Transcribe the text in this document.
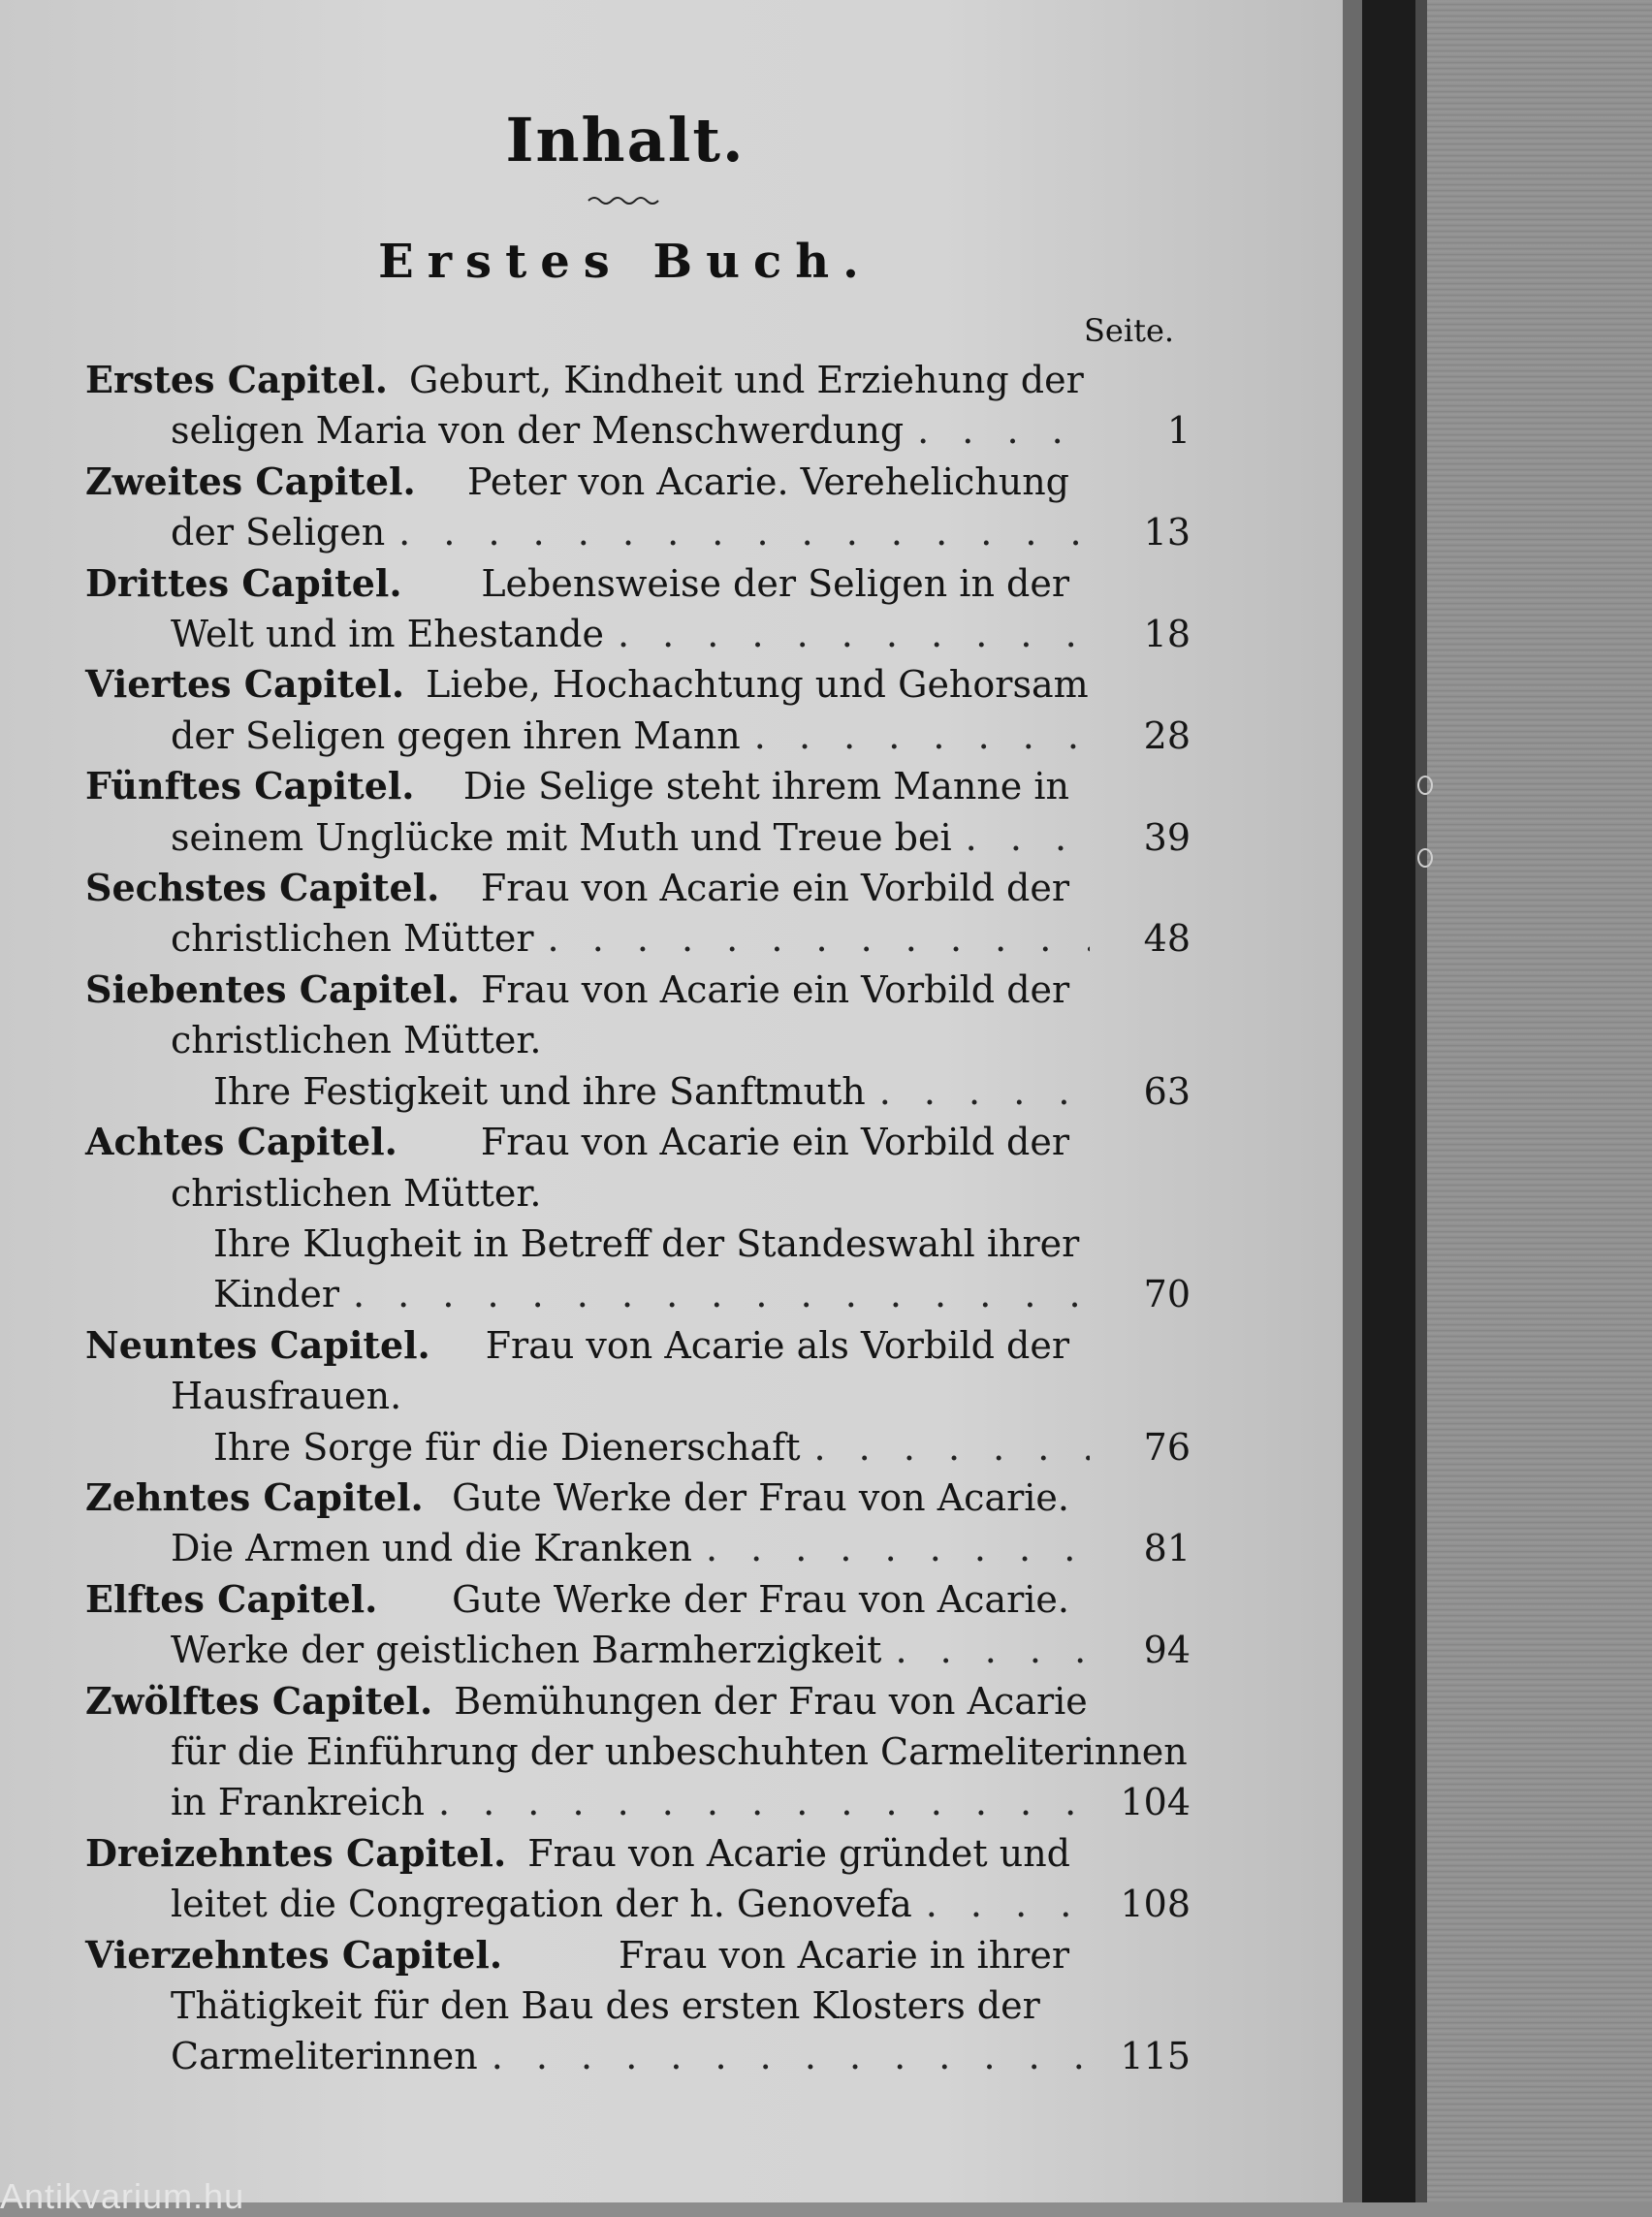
Inhalt.
Erstes Buch.
Seite.
Erstes Capitel. Geburt, Kindheit und Erziehung der
seligen Maria von der Menschwerdung . . .	1
Zweites Capitel. Peter von Acarie. Verehelichung
der Seligen . . .	13
Drittes Capitel. Lebensweise der Seligen in der
Welt und im Ehestande . . .	18
Viertes Capitel. Liebe, Hochachtung und Gehorsam
der Seligen gegen ihren Mann . . .	28
Fünftes Capitel. Die Selige steht ihrem Manne in
seinem Unglücke mit Muth und Treue bei . . .	39
Sechstes Capitel. Frau von Acarie ein Vorbild der
christlichen Mütter . . .	48
Siebentes Capitel. Frau von Acarie ein Vorbild der
christlichen Mütter.
Ihre Festigkeit und ihre Sanftmuth . . .	63
Achtes Capitel. Frau von Acarie ein Vorbild der
christlichen Mütter.
Ihre Klugheit in Betreff der Standeswahl ihrer
Kinder . . .	70
Neuntes Capitel. Frau von Acarie als Vorbild der
Hausfrauen.
Ihre Sorge für die Dienerschaft . . .	76
Zehntes Capitel. Gute Werke der Frau von Acarie.
Die Armen und die Kranken . . .	81
Elftes Capitel. Gute Werke der Frau von Acarie.
Werke der geistlichen Barmherzigkeit . . .	94
Zwölftes Capitel. Bemühungen der Frau von Acarie
für die Einführung der unbeschuhten Carmeliterinnen
in Frankreich . . .	104
Dreizehntes Capitel. Frau von Acarie gründet und
leitet die Congregation der h. Genovefa . . .	108
Vierzehntes Capitel.	Frau von Acarie in ihrer
Thätigkeit für den Bau des ersten Klosters der
Carmeliterinnen . . .	115
Antikvarium.hu
